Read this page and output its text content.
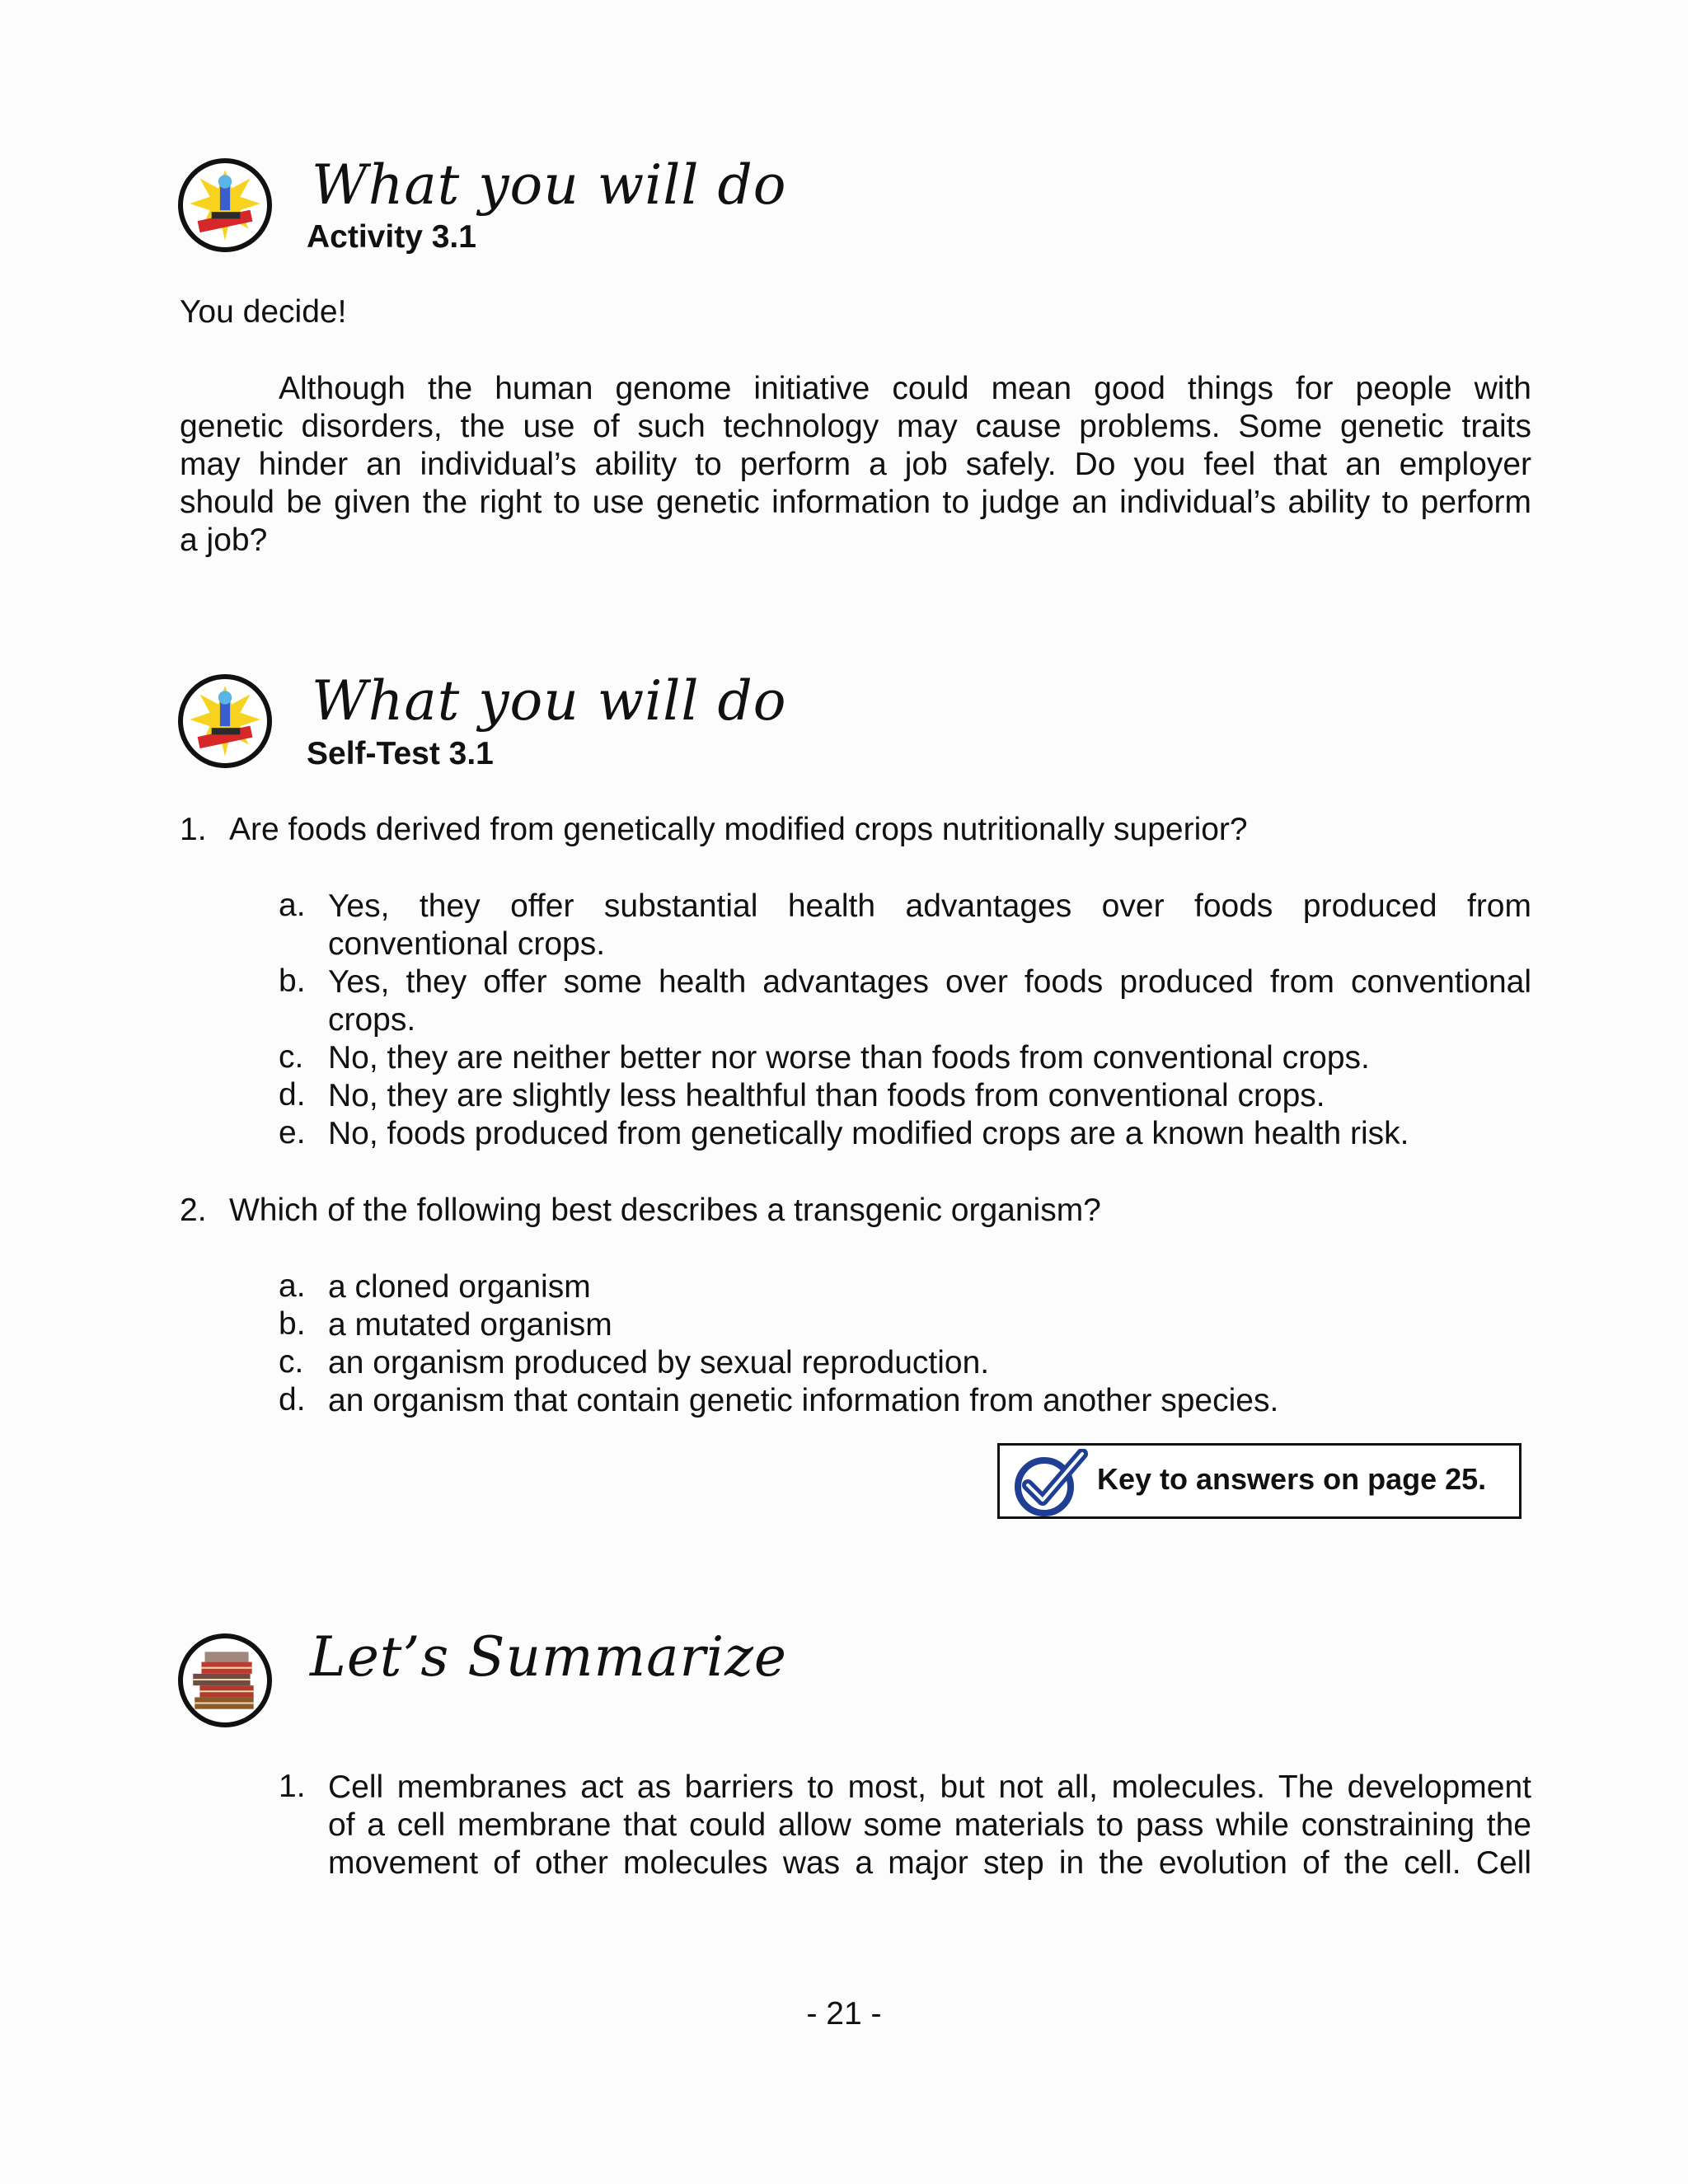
What you will do
Activity 3.1
You decide!
Although the human genome initiative could mean good things for people with
genetic disorders, the use of such technology may cause problems. Some genetic traits
may hinder an individual’s ability to perform a job safely. Do you feel that an employer
should be given the right to use genetic information to judge an individual’s ability to perform
a job?
What you will do
Self-Test 3.1
1. Are foods derived from genetically modified crops nutritionally superior?
a. Yes, they offer substantial health advantages over foods produced from
conventional crops.
b. Yes, they offer some health advantages over foods produced from conventional
crops.
c. No, they are neither better nor worse than foods from conventional crops.
d. No, they are slightly less healthful than foods from conventional crops.
e. No, foods produced from genetically modified crops are a known health risk.
2. Which of the following best describes a transgenic organism?
a. a cloned organism
b. a mutated organism
c. an organism produced by sexual reproduction.
d. an organism that contain genetic information from another species.
Key to answers on page 25.
Let’s Summarize
1. Cell membranes act as barriers to most, but not all, molecules. The development
of a cell membrane that could allow some materials to pass while constraining the
movement of other molecules was a major step in the evolution of the cell. Cell
- 21 -
